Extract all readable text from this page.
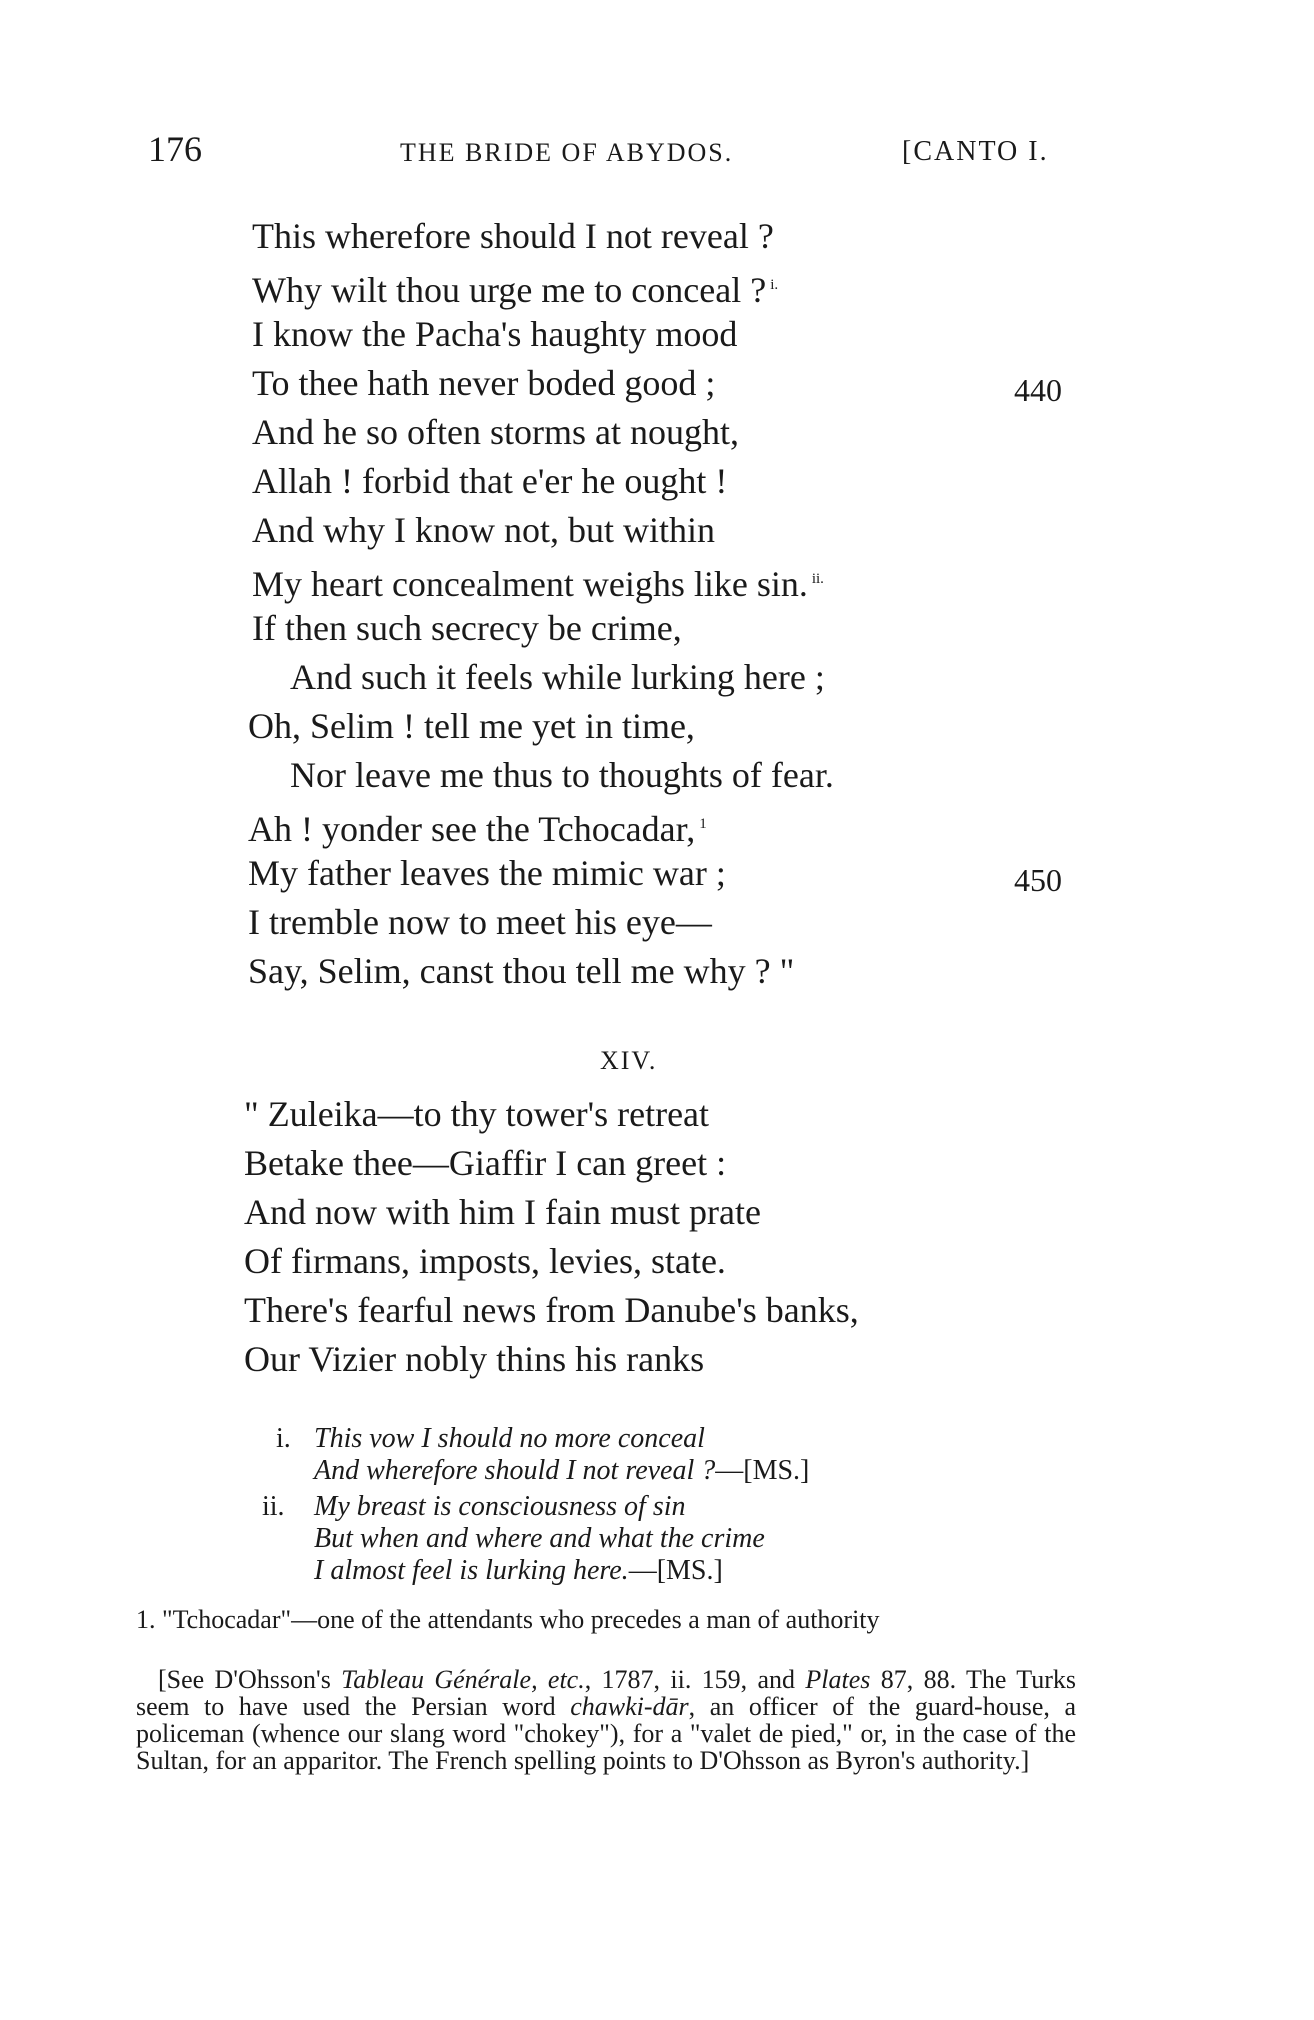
176	THE BRIDE OF ABYDOS.	[CANTO I.
This wherefore should I not reveal ?
Why wilt thou urge me to conceal ? $^{i.}$
I know the Pacha's haughty mood
To thee hath never boded good ;	440
And he so often storms at nought,
Allah ! forbid that e'er he ought !
And why I know not, but within
My heart concealment weighs like sin. $^{ii.}$
If then such secrecy be crime,
And such it feels while lurking here ;
Oh, Selim ! tell me yet in time,
Nor leave me thus to thoughts of fear.
Ah ! yonder see the Tchocadar, $^1$
My father leaves the mimic war ;	450
I tremble now to meet his eye—
Say, Selim, canst thou tell me why ? "
XIV.
" Zuleika—to thy tower's retreat
Betake thee—Giaffir I can greet :
And now with him I fain must prate
Of firmans, imposts, levies, state.
There's fearful news from Danube's banks,
Our Vizier nobly thins his ranks
i. This vow I should no more conceal
And wherefore should I not reveal ?—[MS.]
ii. My breast is consciousness of sin
But when and where and what the crime
I almost feel is lurking here.—[MS.]
1. "Tchocadar"—one of the attendants who precedes a man of authority
[See D'Ohsson's Tableau Générale, etc., 1787, ii. 159, and Plates 87, 88. The Turks seem to have used the Persian word chawki-dār, an officer of the guard-house, a policeman (whence our slang word "chokey"), for a "valet de pied," or, in the case of the Sultan, for an apparitor. The French spelling points to D'Ohsson as Byron's authority.]
